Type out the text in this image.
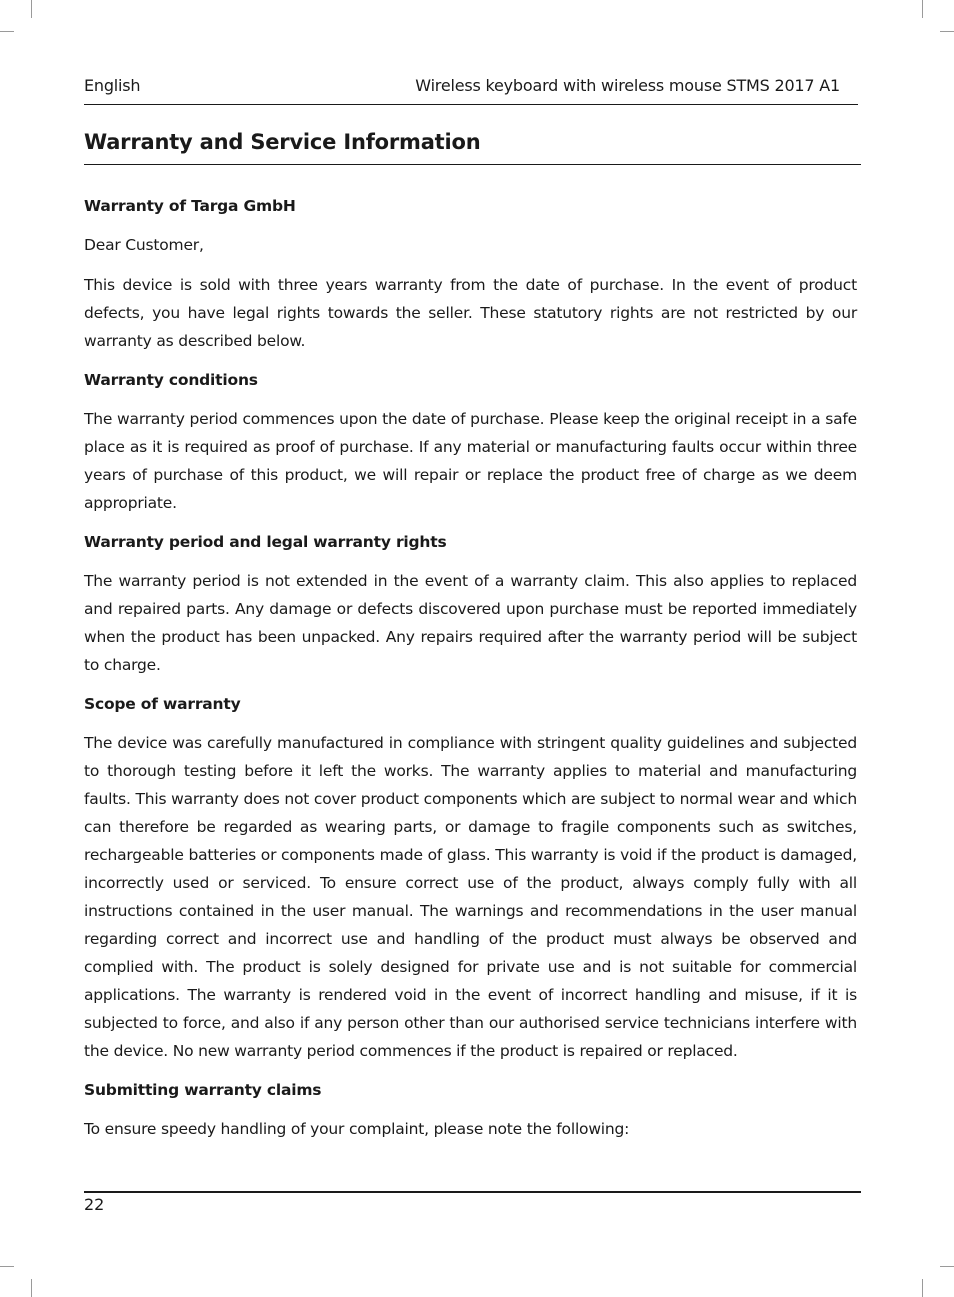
English	Wireless keyboard with wireless mouse STMS 2017 A1
Warranty and Service Information
Warranty of Targa GmbH

Dear Customer,

This device is sold with three years warranty from the date of purchase. In the event of product defects, you have legal rights towards the seller. These statutory rights are not restricted by our warranty as described below.

Warranty conditions

The warranty period commences upon the date of purchase. Please keep the original receipt in a safe place as it is required as proof of purchase. If any material or manufacturing faults occur within three years of purchase of this product, we will repair or replace the product free of charge as we deem appropriate.

Warranty period and legal warranty rights

The warranty period is not extended in the event of a warranty claim. This also applies to replaced and repaired parts. Any damage or defects discovered upon purchase must be reported immediately when the product has been unpacked. Any repairs required after the warranty period will be subject to charge.

Scope of warranty

The device was carefully manufactured in compliance with stringent quality guidelines and subjected to thorough testing before it left the works. The warranty applies to material and manufacturing faults. This warranty does not cover product components which are subject to normal wear and which can therefore be regarded as wearing parts, or damage to fragile components such as switches, rechargeable batteries or components made of glass. This warranty is void if the product is damaged, incorrectly used or serviced. To ensure correct use of the product, always comply fully with all instructions contained in the user manual. The warnings and recommendations in the user manual regarding correct and incorrect use and handling of the product must always be observed and complied with. The product is solely designed for private use and is not suitable for commercial applications. The warranty is rendered void in the event of incorrect handling and misuse, if it is subjected to force, and also if any person other than our authorised service technicians interfere with the device. No new warranty period commences if the product is repaired or replaced.

Submitting warranty claims

To ensure speedy handling of your complaint, please note the following:

22
